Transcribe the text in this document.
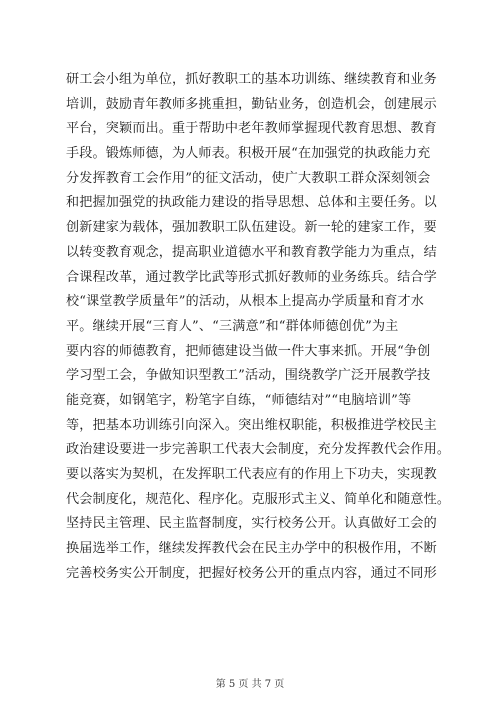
研工会小组为单位，抓好教职工的基本功训练、继续教育和业务
培训，鼓励青年教师多挑重担，勤钻业务，创造机会，创建展示
平台，突颖而出。重于帮助中老年教师掌握现代教育思想、教育
手段。锻炼师德，为人师表。积极开展“在加强党的执政能力充
分发挥教育工会作用”的征文活动，使广大教职工群众深刻领会
和把握加强党的执政能力建设的指导思想、总体和主要任务。以
创新建家为载体，强加教职工队伍建设。新一轮的建家工作，要
以转变教育观念，提高职业道德水平和教育教学能力为重点，结
合课程改革，通过教学比武等形式抓好教师的业务练兵。结合学
校“课堂教学质量年”的活动，从根本上提高办学质量和育才水
平。继续开展“三育人”、“三满意”和“群体师德创优”为主
要内容的师德教育，把师德建设当做一件大事来抓。开展“争创
学习型工会，争做知识型教工”活动，围绕教学广泛开展教学技
能竞赛，如钢笔字，粉笔字自练，“师德结对”“电脑培训”等
等，把基本功训练引向深入。突出维权职能，积极推进学校民主
政治建设要进一步完善职工代表大会制度，充分发挥教代会作用。
要以落实为契机，在发挥职工代表应有的作用上下功夫，实现教
代会制度化，规范化、程序化。克服形式主义、简单化和随意性。
坚持民主管理、民主监督制度，实行校务公开。认真做好工会的
换届选举工作，继续发挥教代会在民主办学中的积极作用，不断
完善校务实公开制度，把握好校务公开的重点内容，通过不同形
第 5 页 共 7 页
